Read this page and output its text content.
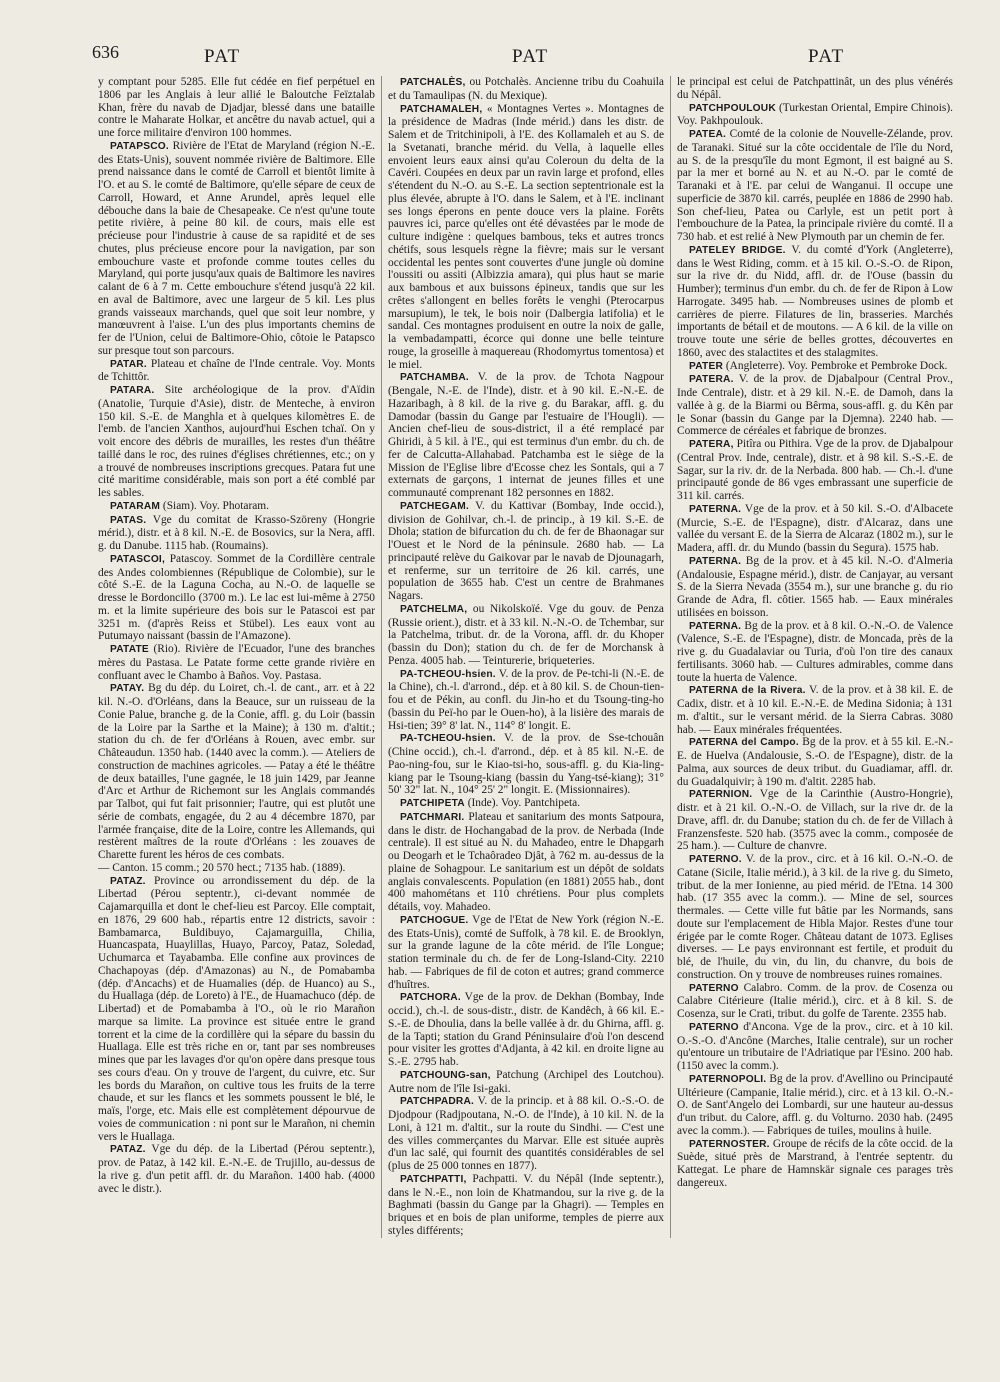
636	PAT	PAT	PAT

y comptant pour 5285. Elle fut cédée en fief perpétuel en 1806 par les Anglais à leur allié le Baloutche Feïztalab Khan, frère du navab de Djadjar, blessé dans une bataille contre le Maharate Holkar, et ancêtre du navab actuel, qui a une force militaire d'environ 100 hommes.

PATAPSCO. Rivière de l'Etat de Maryland (région N.-E. des Etats-Unis), souvent nommée rivière de Baltimore. Elle prend naissance dans le comté de Carroll et bientôt limite à l'O. et au S. le comté de Baltimore, qu'elle sépare de ceux de Carroll, Howard, et Anne Arundel, après lequel elle débouche dans la baie de Chesapeake. Ce n'est qu'une toute petite rivière, à peine 80 kil. de cours, mais elle est précieuse pour l'industrie à cause de sa rapidité et de ses chutes, plus précieuse encore pour la navigation, par son embouchure vaste et profonde comme toutes celles du Maryland, qui porte jusqu'aux quais de Baltimore les navires calant de 6 à 7 m. Cette embouchure s'étend jusqu'à 22 kil. en aval de Baltimore, avec une largeur de 5 kil. Les plus grands vaisseaux marchands, quel que soit leur nombre, y manœuvrent à l'aise. L'un des plus importants chemins de fer de l'Union, celui de Baltimore-Ohio, côtoie le Patapsco sur presque tout son parcours.

PATAR. Plateau et chaîne de l'Inde centrale. Voy. Monts de Tchittôr.

PATARA. Site archéologique de la prov. d'Aïdin (Anatolie, Turquie d'Asie), distr. de Menteche, à environ 150 kil. S.-E. de Manghla et à quelques kilomètres E. de l'emb. de l'ancien Xanthos, aujourd'hui Eschen tchaï. On y voit encore des débris de murailles, les restes d'un théâtre taillé dans le roc, des ruines d'églises chrétiennes, etc.; on y a trouvé de nombreuses inscriptions grecques. Patara fut une cité maritime considérable, mais son port a été comblé par les sables.

PATARAM (Siam). Voy. Photaram.

PATAS. Vge du comitat de Krasso-Szöreny (Hongrie mérid.), distr. et à 8 kil. N.-E. de Bosovics, sur la Nera, affl. g. du Danube. 1115 hab. (Roumains).

PATASCOI, Patascoy. Sommet de la Cordillère centrale des Andes colombiennes (République de Colombie), sur le côté S.-E. de la Laguna Cocha, au N.-O. de laquelle se dresse le Bordoncillo (3700 m.). Le lac est lui-même à 2750 m. et la limite supérieure des bois sur le Patascoi est par 3251 m. (d'après Reiss et Stübel). Les eaux vont au Putumayo naissant (bassin de l'Amazone).

PATATE (Rio). Rivière de l'Ecuador, l'une des branches mères du Pastasa. Le Patate forme cette grande rivière en confluant avec le Chambo à Baños. Voy. Pastasa.

PATAY. Bg du dép. du Loiret, ch.-l. de cant., arr. et à 22 kil. N.-O. d'Orléans, dans la Beauce, sur un ruisseau de la Conie Palue, branche g. de la Conie, affl. g. du Loir (bassin de la Loire par la Sarthe et la Maine); à 130 m. d'altit.; station du ch. de fer d'Orléans à Rouen, avec embr. sur Châteaudun. 1350 hab. (1440 avec la comm.). — Ateliers de construction de machines agricoles. — Patay a été le théâtre de deux batailles, l'une gagnée, le 18 juin 1429, par Jeanne d'Arc et Arthur de Richemont sur les Anglais commandés par Talbot, qui fut fait prisonnier; l'autre, qui est plutôt une série de combats, engagée, du 2 au 4 décembre 1870, par l'armée française, dite de la Loire, contre les Allemands, qui restèrent maîtres de la route d'Orléans : les zouaves de Charette furent les héros de ces combats.

— Canton. 15 comm.; 20 570 hect.; 7135 hab. (1889).

PATAZ. Province ou arrondissement du dép. de la Libertad (Pérou septentr.), ci-devant nommée de Cajamarquilla et dont le chef-lieu est Parcoy. Elle comptait, en 1876, 29 600 hab., répartis entre 12 districts, savoir : Bambamarca, Buldibuyo, Cajamarguilla, Chilia, Huancaspata, Huaylillas, Huayo, Parcoy, Pataz, Soledad, Uchumarca et Tayabamba. Elle confine aux provinces de Chachapoyas (dép. d'Amazonas) au N., de Pomabamba (dép. d'Ancachs) et de Huamalies (dép. de Huanco) au S., du Huallaga (dép. de Loreto) à l'E., de Huamachuco (dép. de Libertad) et de Pomabamba à l'O., où le rio Marañon marque sa limite. La province est située entre le grand torrent et la cime de la cordillère qui la sépare du bassin du Huallaga. Elle est très riche en or, tant par ses nombreuses mines que par les lavages d'or qu'on opère dans presque tous ses cours d'eau. On y trouve de l'argent, du cuivre, etc. Sur les bords du Marañon, on cultive tous les fruits de la terre chaude, et sur les flancs et les sommets poussent le blé, le maïs, l'orge, etc. Mais elle est complètement dépourvue de voies de communication : ni pont sur le Marañon, ni chemin vers le Huallaga.

PATAZ. Vge du dép. de la Libertad (Pérou septentr.), prov. de Pataz, à 142 kil. E.-N.-E. de Trujillo, au-dessus de la rive g. d'un petit affl. dr. du Marañon. 1400 hab. (4000 avec le distr.).

PATCHALÈS, ou Potchalès. Ancienne tribu du Coahuila et du Tamaulipas (N. du Mexique).

PATCHAMALEH, « Montagnes Vertes ». Montagnes de la présidence de Madras (Inde mérid.) dans les distr. de Salem et de Tritchinipoli, à l'E. des Kollamaleh et au S. de la Svetanati, branche mérid. du Vella, à laquelle elles envoient leurs eaux ainsi qu'au Coleroun du delta de la Cavéri. Coupées en deux par un ravin large et profond, elles s'étendent du N.-O. au S.-E. La section septentrionale est la plus élevée, abrupte à l'O. dans le Salem, et à l'E. inclinant ses longs éperons en pente douce vers la plaine. Forêts pauvres ici, parce qu'elles ont été dévastées par le mode de culture indigène : quelques bambous, teks et autres troncs chétifs, sous lesquels règne la fièvre; mais sur le versant occidental les pentes sont couvertes d'une jungle où domine l'oussiti ou assiti (Albizzia amara), qui plus haut se marie aux bambous et aux buissons épineux, tandis que sur les crêtes s'allongent en belles forêts le venghi (Pterocarpus marsupium), le tek, le bois noir (Dalbergia latifolia) et le sandal. Ces montagnes produisent en outre la noix de galle, la vembadampatti, écorce qui donne une belle teinture rouge, la groseille à maquereau (Rhodomyrtus tomentosa) et le miel.

PATCHAMBA. V. de la prov. de Tchota Nagpour (Bengale, N.-E. de l'Inde), distr. et à 90 kil. E.-N.-E. de Hazaribagh, à 8 kil. de la rive g. du Barakar, affl. g. du Damodar (bassin du Gange par l'estuaire de l'Hougli). — Ancien chef-lieu de sous-district, il a été remplacé par Ghiridi, à 5 kil. à l'E., qui est terminus d'un embr. du ch. de fer de Calcutta-Allahabad. Patchamba est le siège de la Mission de l'Eglise libre d'Ecosse chez les Sontals, qui a 7 externats de garçons, 1 internat de jeunes filles et une communauté comprenant 182 personnes en 1882.

PATCHEGAM. V. du Kattivar (Bombay, Inde occid.), division de Gohilvar, ch.-l. de princip., à 19 kil. S.-E. de Dhola; station de bifurcation du ch. de fer de Bhaonagar sur l'Ouest et le Nord de la péninsule. 2680 hab. — La principauté relève du Gaikovar par le navab de Djounagarh, et renferme, sur un territoire de 26 kil. carrés, une population de 3655 hab. C'est un centre de Brahmanes Nagars.

PATCHELMA, ou Nikolskoïé. Vge du gouv. de Penza (Russie orient.), distr. et à 33 kil. N.-N.-O. de Tchembar, sur la Patchelma, tribut. dr. de la Vorona, affl. dr. du Khoper (bassin du Don); station du ch. de fer de Morchansk à Penza. 4005 hab. — Teinturerie, briqueteries.

PA-TCHEOU-hsien. V. de la prov. de Pe-tchi-li (N.-E. de la Chine), ch.-l. d'arrond., dép. et à 80 kil. S. de Choun-tien-fou et de Pékin, au confl. du Jin-ho et du Tsoung-ting-ho (bassin du Peï-ho par le Ouen-ho), à la lisière des marais de Hsi-tien; 39° 8' lat. N., 114° 8' longit. E.

PA-TCHEOU-hsien. V. de la prov. de Sse-tchouân (Chine occid.), ch.-l. d'arrond., dép. et à 85 kil. N.-E. de Pao-ning-fou, sur le Kiao-tsi-ho, sous-affl. g. du Kia-ling-kiang par le Tsoung-kiang (bassin du Yang-tsé-kiang); 31° 50' 32" lat. N., 104° 25' 2" longit. E. (Missionnaires).

PATCHIPETA (Inde). Voy. Pantchipeta.

PATCHMARI. Plateau et sanitarium des monts Satpoura, dans le distr. de Hochangabad de la prov. de Nerbada (Inde centrale). Il est situé au N. du Mahadeo, entre le Dhapgarh ou Deogarh et le Tchaôradeo Djât, à 762 m. au-dessus de la plaine de Sohagpour. Le sanitarium est un dépôt de soldats anglais convalescents. Population (en 1881) 2055 hab., dont 400 mahométans et 110 chrétiens. Pour plus complets détails, voy. Mahadeo.

PATCHOGUE. Vge de l'Etat de New York (région N.-E. des Etats-Unis), comté de Suffolk, à 78 kil. E. de Brooklyn, sur la grande lagune de la côte mérid. de l'île Longue; station terminale du ch. de fer de Long-Island-City. 2210 hab. — Fabriques de fil de coton et autres; grand commerce d'huîtres.

PATCHORA. Vge de la prov. de Dekhan (Bombay, Inde occid.), ch.-l. de sous-distr., distr. de Kandêch, à 66 kil. E.-S.-E. de Dhoulia, dans la belle vallée à dr. du Ghirna, affl. g. de la Tapti; station du Grand Péninsulaire d'où l'on descend pour visiter les grottes d'Adjanta, à 42 kil. en droite ligne au S.-E. 2795 hab.

PATCHOUNG-san, Patchung (Archipel des Loutchou). Autre nom de l'île Isi-gaki.

PATCHPADRA. V. de la princip. et à 88 kil. O.-S.-O. de Djodpour (Radjpoutana, N.-O. de l'Inde), à 10 kil. N. de la Loni, à 121 m. d'altit., sur la route du Sindhi. — C'est une des villes commerçantes du Marvar. Elle est située auprès d'un lac salé, qui fournit des quantités considérables de sel (plus de 25 000 tonnes en 1877).

PATCHPATTI, Pachpatti. V. du Népâl (Inde septentr.), dans le N.-E., non loin de Khatmandou, sur la rive g. de la Baghmati (bassin du Gange par la Ghagri). — Temples en briques et en bois de plan uniforme, temples de pierre aux styles différents;

le principal est celui de Patchpattinât, un des plus vénérés du Népâl.

PATCHPOULOUK (Turkestan Oriental, Empire Chinois). Voy. Pakhpoulouk.

PATEA. Comté de la colonie de Nouvelle-Zélande, prov. de Taranaki. Situé sur la côte occidentale de l'île du Nord, au S. de la presqu'île du mont Egmont, il est baigné au S. par la mer et borné au N. et au N.-O. par le comté de Taranaki et à l'E. par celui de Wanganui. Il occupe une superficie de 3870 kil. carrés, peuplée en 1886 de 2990 hab. Son chef-lieu, Patea ou Carlyle, est un petit port à l'embouchure de la Patea, la principale rivière du comté. Il a 730 hab. et est relié à New Plymouth par un chemin de fer.

PATELEY BRIDGE. V. du comté d'York (Angleterre), dans le West Riding, comm. et à 15 kil. O.-S.-O. de Ripon, sur la rive dr. du Nidd, affl. dr. de l'Ouse (bassin du Humber); terminus d'un embr. du ch. de fer de Ripon à Low Harrogate. 3495 hab. — Nombreuses usines de plomb et carrières de pierre. Filatures de lin, brasseries. Marchés importants de bétail et de moutons. — A 6 kil. de la ville on trouve toute une série de belles grottes, découvertes en 1860, avec des stalactites et des stalagmites.

PATER (Angleterre). Voy. Pembroke et Pembroke Dock.

PATERA. V. de la prov. de Djabalpour (Central Prov., Inde Centrale), distr. et à 29 kil. N.-E. de Damoh, dans la vallée à g. de la Biarmi ou Bêrma, sous-affl. g. du Kên par le Sonar (bassin du Gange par la Djemna). 2240 hab. — Commerce de céréales et fabrique de bronzes.

PATERA, Pitîra ou Pithira. Vge de la prov. de Djabalpour (Central Prov. Inde, centrale), distr. et à 98 kil. S.-S.-E. de Sagar, sur la riv. dr. de la Nerbada. 800 hab. — Ch.-l. d'une principauté gonde de 86 vges embrassant une superficie de 311 kil. carrés.

PATERNA. Vge de la prov. et à 50 kil. S.-O. d'Albacete (Murcie, S.-E. de l'Espagne), distr. d'Alcaraz, dans une vallée du versant E. de la Sierra de Alcaraz (1802 m.), sur le Madera, affl. dr. du Mundo (bassin du Segura). 1575 hab.

PATERNA. Bg de la prov. et à 45 kil. N.-O. d'Almeria (Andalousie, Espagne mérid.), distr. de Canjayar, au versant S. de la Sierra Nevada (3554 m.), sur une branche g. du rio Grande de Adra, fl. côtier. 1565 hab. — Eaux minérales utilisées en boisson.

PATERNA. Bg de la prov. et à 8 kil. O.-N.-O. de Valence (Valence, S.-E. de l'Espagne), distr. de Moncada, près de la rive g. du Guadalaviar ou Turia, d'où l'on tire des canaux fertilisants. 3060 hab. — Cultures admirables, comme dans toute la huerta de Valence.

PATERNA de la Rivera. V. de la prov. et à 38 kil. E. de Cadix, distr. et à 10 kil. E.-N.-E. de Medina Sidonia; à 131 m. d'altit., sur le versant mérid. de la Sierra Cabras. 3080 hab. — Eaux minérales fréquentées.

PATERNA del Campo. Bg de la prov. et à 55 kil. E.-N.-E. de Huelva (Andalousie, S.-O. de l'Espagne), distr. de la Palma, aux sources de deux tribut. du Guadiamar, affl. dr. du Guadalquivir; à 190 m. d'altit. 2285 hab.

PATERNION. Vge de la Carinthie (Austro-Hongrie), distr. et à 21 kil. O.-N.-O. de Villach, sur la rive dr. de la Drave, affl. dr. du Danube; station du ch. de fer de Villach à Franzensfeste. 520 hab. (3575 avec la comm., composée de 25 ham.). — Culture de chanvre.

PATERNO. V. de la prov., circ. et à 16 kil. O.-N.-O. de Catane (Sicile, Italie mérid.), à 3 kil. de la rive g. du Simeto, tribut. de la mer Ionienne, au pied mérid. de l'Etna. 14 300 hab. (17 355 avec la comm.). — Mine de sel, sources thermales. — Cette ville fut bâtie par les Normands, sans doute sur l'emplacement de Hibla Major. Restes d'une tour érigée par le comte Roger. Château datant de 1073. Eglises diverses. — Le pays environnant est fertile, et produit du blé, de l'huile, du vin, du lin, du chanvre, du bois de construction. On y trouve de nombreuses ruines romaines.

PATERNO Calabro. Comm. de la prov. de Cosenza ou Calabre Citérieure (Italie mérid.), circ. et à 8 kil. S. de Cosenza, sur le Crati, tribut. du golfe de Tarente. 2355 hab.

PATERNO d'Ancona. Vge de la prov., circ. et à 10 kil. O.-S.-O. d'Ancône (Marches, Italie centrale), sur un rocher qu'entoure un tributaire de l'Adriatique par l'Esino. 200 hab. (1150 avec la comm.).

PATERNOPOLI. Bg de la prov. d'Avellino ou Principauté Ultérieure (Campanie, Italie mérid.), circ. et à 13 kil. O.-N.-O. de Sant'Angelo dei Lombardi, sur une hauteur au-dessus d'un tribut. du Calore, affl. g. du Volturno. 2030 hab. (2495 avec la comm.). — Fabriques de tuiles, moulins à huile.

PATERNOSTER. Groupe de récifs de la côte occid. de la Suède, situé près de Marstrand, à l'entrée septentr. du Kattegat. Le phare de Hamnskär signale ces parages très dangereux.
